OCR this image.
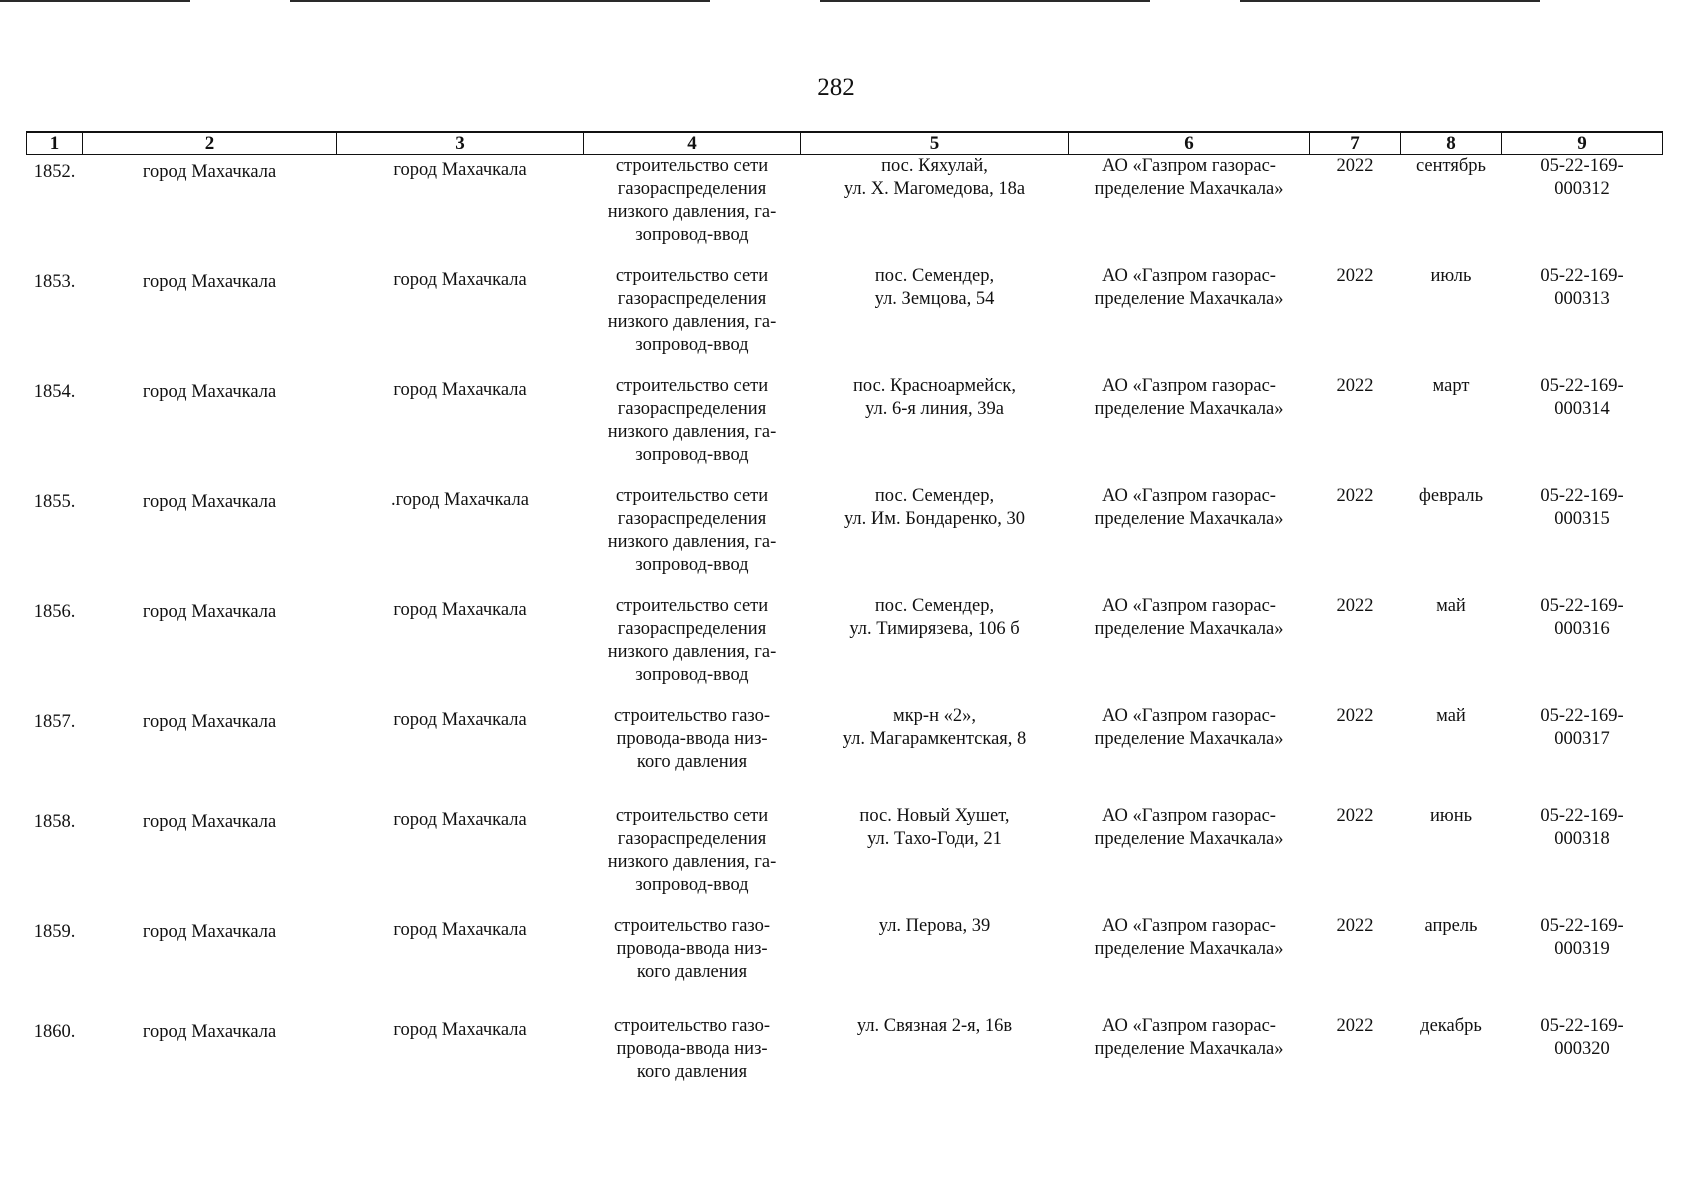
282
1	2	3	4	5	6	7	8	9
1852.	город Махачкала	город Махачкала	строительство сети
газораспределения
низкого давления, га-
зопровод-ввод	пос. Кяхулай,
ул. Х. Магомедова, 18а	АО «Газпром газорас-
пределение Махачкала»	2022	сентябрь	05-22-169-
000312
1853.	город Махачкала	город Махачкала	строительство сети
газораспределения
низкого давления, га-
зопровод-ввод	пос. Семендер,
ул. Земцова, 54	АО «Газпром газорас-
пределение Махачкала»	2022	июль	05-22-169-
000313
1854.	город Махачкала	город Махачкала	строительство сети
газораспределения
низкого давления, га-
зопровод-ввод	пос. Красноармейск,
ул. 6-я линия, 39а	АО «Газпром газорас-
пределение Махачкала»	2022	март	05-22-169-
000314
1855.	город Махачкала	.город Махачкала	строительство сети
газораспределения
низкого давления, га-
зопровод-ввод	пос. Семендер,
ул. Им. Бондаренко, 30	АО «Газпром газорас-
пределение Махачкала»	2022	февраль	05-22-169-
000315
1856.	город Махачкала	город Махачкала	строительство сети
газораспределения
низкого давления, га-
зопровод-ввод	пос. Семендер,
ул. Тимирязева, 106 б	АО «Газпром газорас-
пределение Махачкала»	2022	май	05-22-169-
000316
1857.	город Махачкала	город Махачкала	строительство газо-
провода-ввода низ-
кого давления	мкр-н «2»,
ул. Магарамкентская, 8	АО «Газпром газорас-
пределение Махачкала»	2022	май	05-22-169-
000317
1858.	город Махачкала	город Махачкала	строительство сети
газораспределения
низкого давления, га-
зопровод-ввод	пос. Новый Хушет,
ул. Тахо-Годи, 21	АО «Газпром газорас-
пределение Махачкала»	2022	июнь	05-22-169-
000318
1859.	город Махачкала	город Махачкала	строительство газо-
провода-ввода низ-
кого давления	ул. Перова, 39	АО «Газпром газорас-
пределение Махачкала»	2022	апрель	05-22-169-
000319
1860.	город Махачкала	город Махачкала	строительство газо-
провода-ввода низ-
кого давления	ул. Связная 2-я, 16в	АО «Газпром газорас-
пределение Махачкала»	2022	декабрь	05-22-169-
000320
